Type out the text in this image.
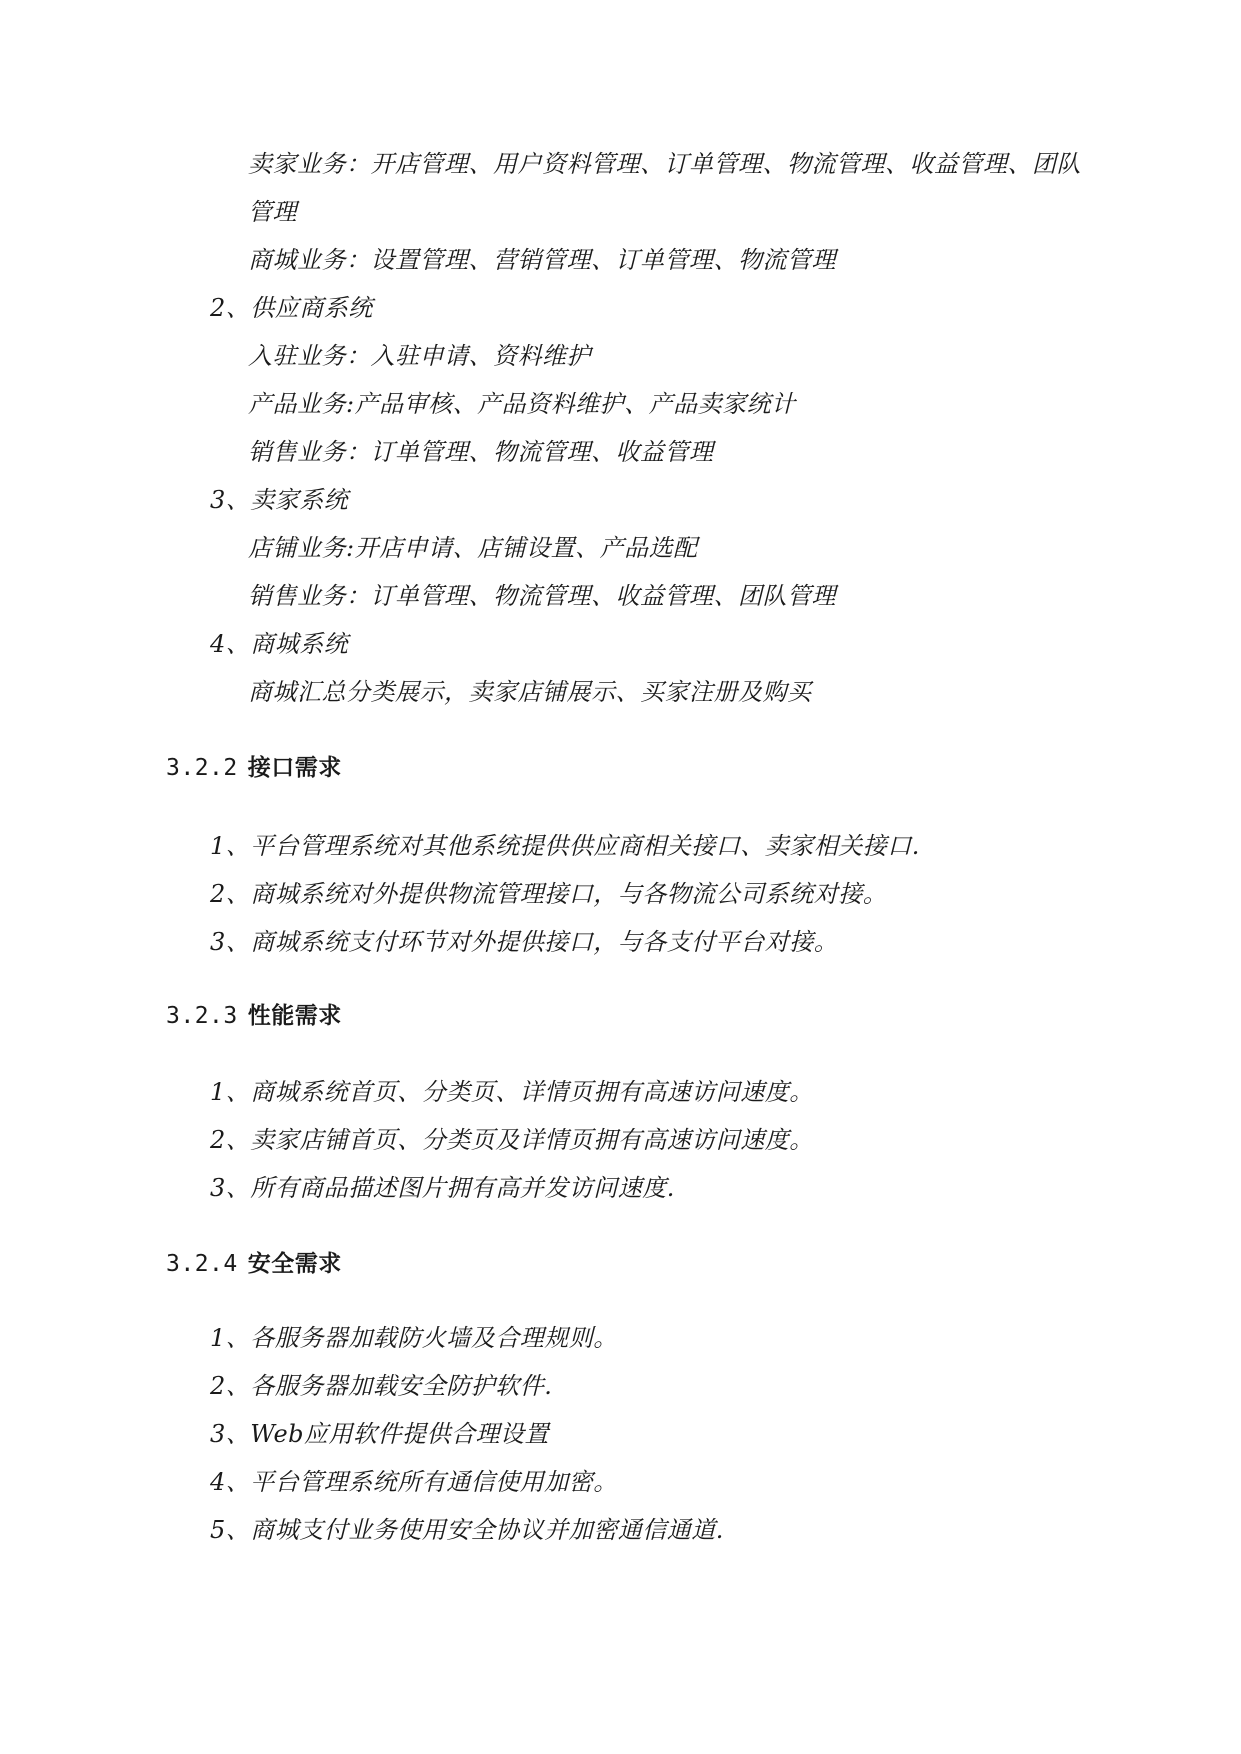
卖家业务：开店管理、用户资料管理、订单管理、物流管理、收益管理、团队
管理
商城业务：设置管理、营销管理、订单管理、物流管理
2、供应商系统
入驻业务：入驻申请、资料维护
产品业务:产品审核、产品资料维护、产品卖家统计
销售业务：订单管理、物流管理、收益管理
3、卖家系统
店铺业务:开店申请、店铺设置、产品选配
销售业务：订单管理、物流管理、收益管理、团队管理
4、商城系统
商城汇总分类展示，卖家店铺展示、买家注册及购买
3.2.2 接口需求
1、平台管理系统对其他系统提供供应商相关接口、卖家相关接口.
2、商城系统对外提供物流管理接口，与各物流公司系统对接。
3、商城系统支付环节对外提供接口，与各支付平台对接。
3.2.3 性能需求
1、商城系统首页、分类页、详情页拥有高速访问速度。
2、卖家店铺首页、分类页及详情页拥有高速访问速度。
3、所有商品描述图片拥有高并发访问速度.
3.2.4 安全需求
1、各服务器加载防火墙及合理规则。
2、各服务器加载安全防护软件.
3、Web应用软件提供合理设置
4、平台管理系统所有通信使用加密。
5、商城支付业务使用安全协议并加密通信通道.
